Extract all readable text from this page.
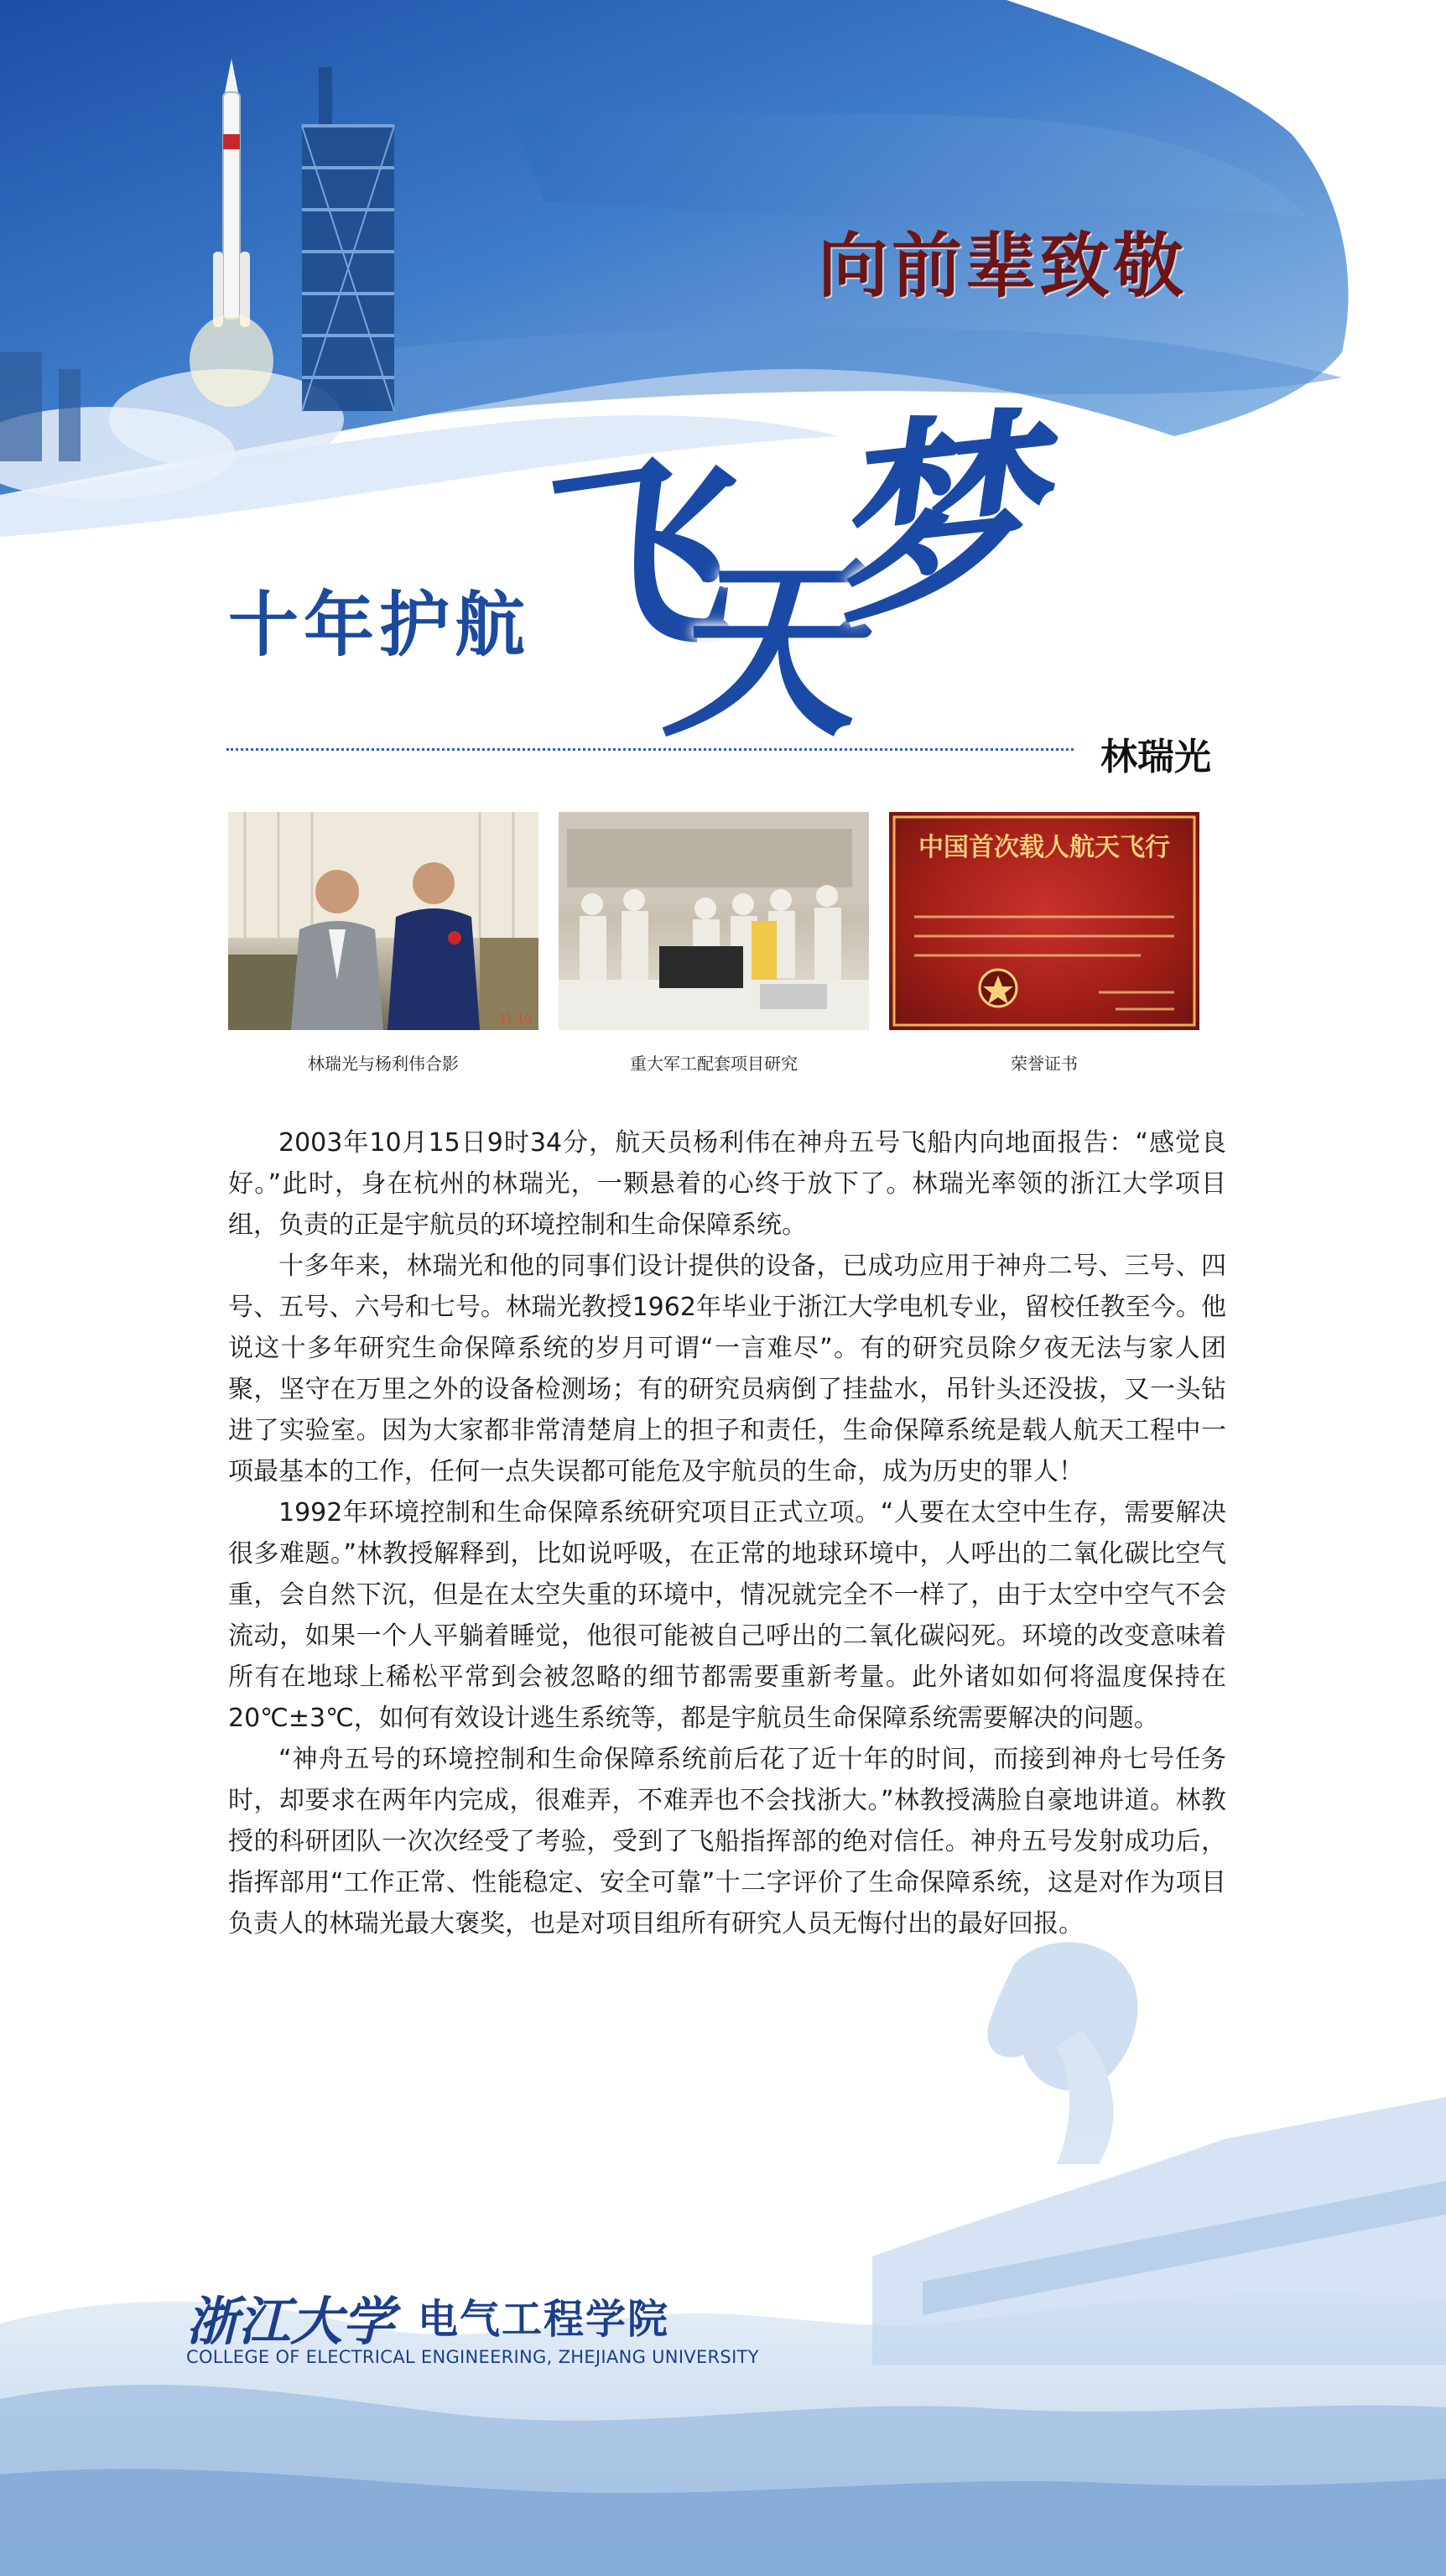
向前辈致敬
十年护航
飞
天
梦
林瑞光
31 10
中国首次载人航天飞行
林瑞光与杨利伟合影	重大军工配套项目研究	荣誉证书

2003年10月15日9时34分，航天员杨利伟在神舟五号飞船内向地面报告：“感觉良好。”此时，身在杭州的林瑞光，一颗悬着的心终于放下了。林瑞光率领的浙江大学项目组，负责的正是宇航员的环境控制和生命保障系统。

十多年来，林瑞光和他的同事们设计提供的设备，已成功应用于神舟二号、三号、四号、五号、六号和七号。林瑞光教授1962年毕业于浙江大学电机专业，留校任教至今。他说这十多年研究生命保障系统的岁月可谓“一言难尽”。有的研究员除夕夜无法与家人团聚，坚守在万里之外的设备检测场；有的研究员病倒了挂盐水，吊针头还没拔，又一头钻进了实验室。因为大家都非常清楚肩上的担子和责任，生命保障系统是载人航天工程中一项最基本的工作，任何一点失误都可能危及宇航员的生命，成为历史的罪人！

1992年环境控制和生命保障系统研究项目正式立项。“人要在太空中生存，需要解决很多难题。”林教授解释到，比如说呼吸，在正常的地球环境中，人呼出的二氧化碳比空气重，会自然下沉，但是在太空失重的环境中，情况就完全不一样了，由于太空中空气不会流动，如果一个人平躺着睡觉，他很可能被自己呼出的二氧化碳闷死。环境的改变意味着所有在地球上稀松平常到会被忽略的细节都需要重新考量。此外诸如如何将温度保持在20℃±3℃，如何有效设计逃生系统等，都是宇航员生命保障系统需要解决的问题。

“神舟五号的环境控制和生命保障系统前后花了近十年的时间，而接到神舟七号任务时，却要求在两年内完成，很难弄，不难弄也不会找浙大。”林教授满脸自豪地讲道。林教授的科研团队一次次经受了考验，受到了飞船指挥部的绝对信任。神舟五号发射成功后，指挥部用“工作正常、性能稳定、安全可靠”十二字评价了生命保障系统，这是对作为项目负责人的林瑞光最大褒奖，也是对项目组所有研究人员无悔付出的最好回报。

浙江大学 电气工程学院
COLLEGE OF ELECTRICAL ENGINEERING, ZHEJIANG UNIVERSITY
